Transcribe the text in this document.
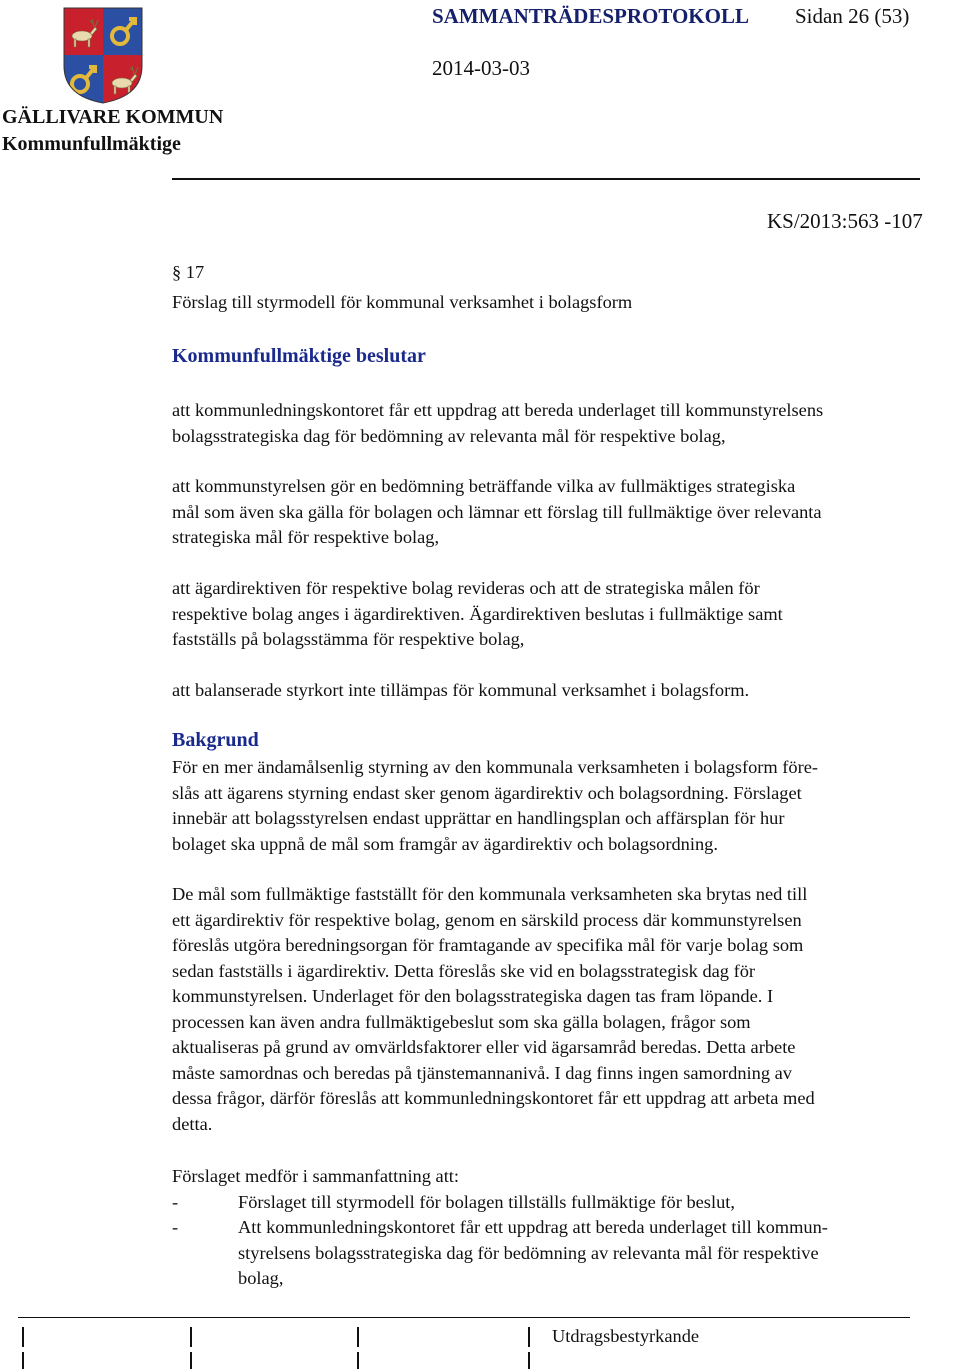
SAMMANTRÄDESPROTOKOLL Sidan 26 (53)
2014-03-03
GÄLLIVARE KOMMUN
Kommunfullmäktige
KS/2013:563 -107
§ 17
Förslag till styrmodell för kommunal verksamhet i bolagsform
Kommunfullmäktige beslutar
att kommunledningskontoret får ett uppdrag att bereda underlaget till kommunstyrelsens
bolagsstrategiska dag för bedömning av relevanta mål för respektive bolag,
att kommunstyrelsen gör en bedömning beträffande vilka av fullmäktiges strategiska
mål som även ska gälla för bolagen och lämnar ett förslag till fullmäktige över relevanta
strategiska mål för respektive bolag,
att ägardirektiven för respektive bolag revideras och att de strategiska målen för
respektive bolag anges i ägardirektiven. Ägardirektiven beslutas i fullmäktige samt
fastställs på bolagsstämma för respektive bolag,
att balanserade styrkort inte tillämpas för kommunal verksamhet i bolagsform.
Bakgrund
För en mer ändamålsenlig styrning av den kommunala verksamheten i bolagsform före-
slås att ägarens styrning endast sker genom ägardirektiv och bolagsordning. Förslaget
innebär att bolagsstyrelsen endast upprättar en handlingsplan och affärsplan för hur
bolaget ska uppnå de mål som framgår av ägardirektiv och bolagsordning.
De mål som fullmäktige fastställt för den kommunala verksamheten ska brytas ned till
ett ägardirektiv för respektive bolag, genom en särskild process där kommunstyrelsen
föreslås utgöra beredningsorgan för framtagande av specifika mål för varje bolag som
sedan fastställs i ägardirektiv. Detta föreslås ske vid en bolagsstrategisk dag för
kommunstyrelsen. Underlaget för den bolagsstrategiska dagen tas fram löpande. I
processen kan även andra fullmäktigebeslut som ska gälla bolagen, frågor som
aktualiseras på grund av omvärldsfaktorer eller vid ägarsamråd beredas. Detta arbete
måste samordnas och beredas på tjänstemannanivå. I dag finns ingen samordning av
dessa frågor, därför föreslås att kommunledningskontoret får ett uppdrag att arbeta med
detta.
Förslaget medför i sammanfattning att:
-	Förslaget till styrmodell för bolagen tillställs fullmäktige för beslut,
-	Att kommunledningskontoret får ett uppdrag att bereda underlaget till kommun-
styrelsens bolagsstrategiska dag för bedömning av relevanta mål för respektive
bolag,
Utdragsbestyrkande
